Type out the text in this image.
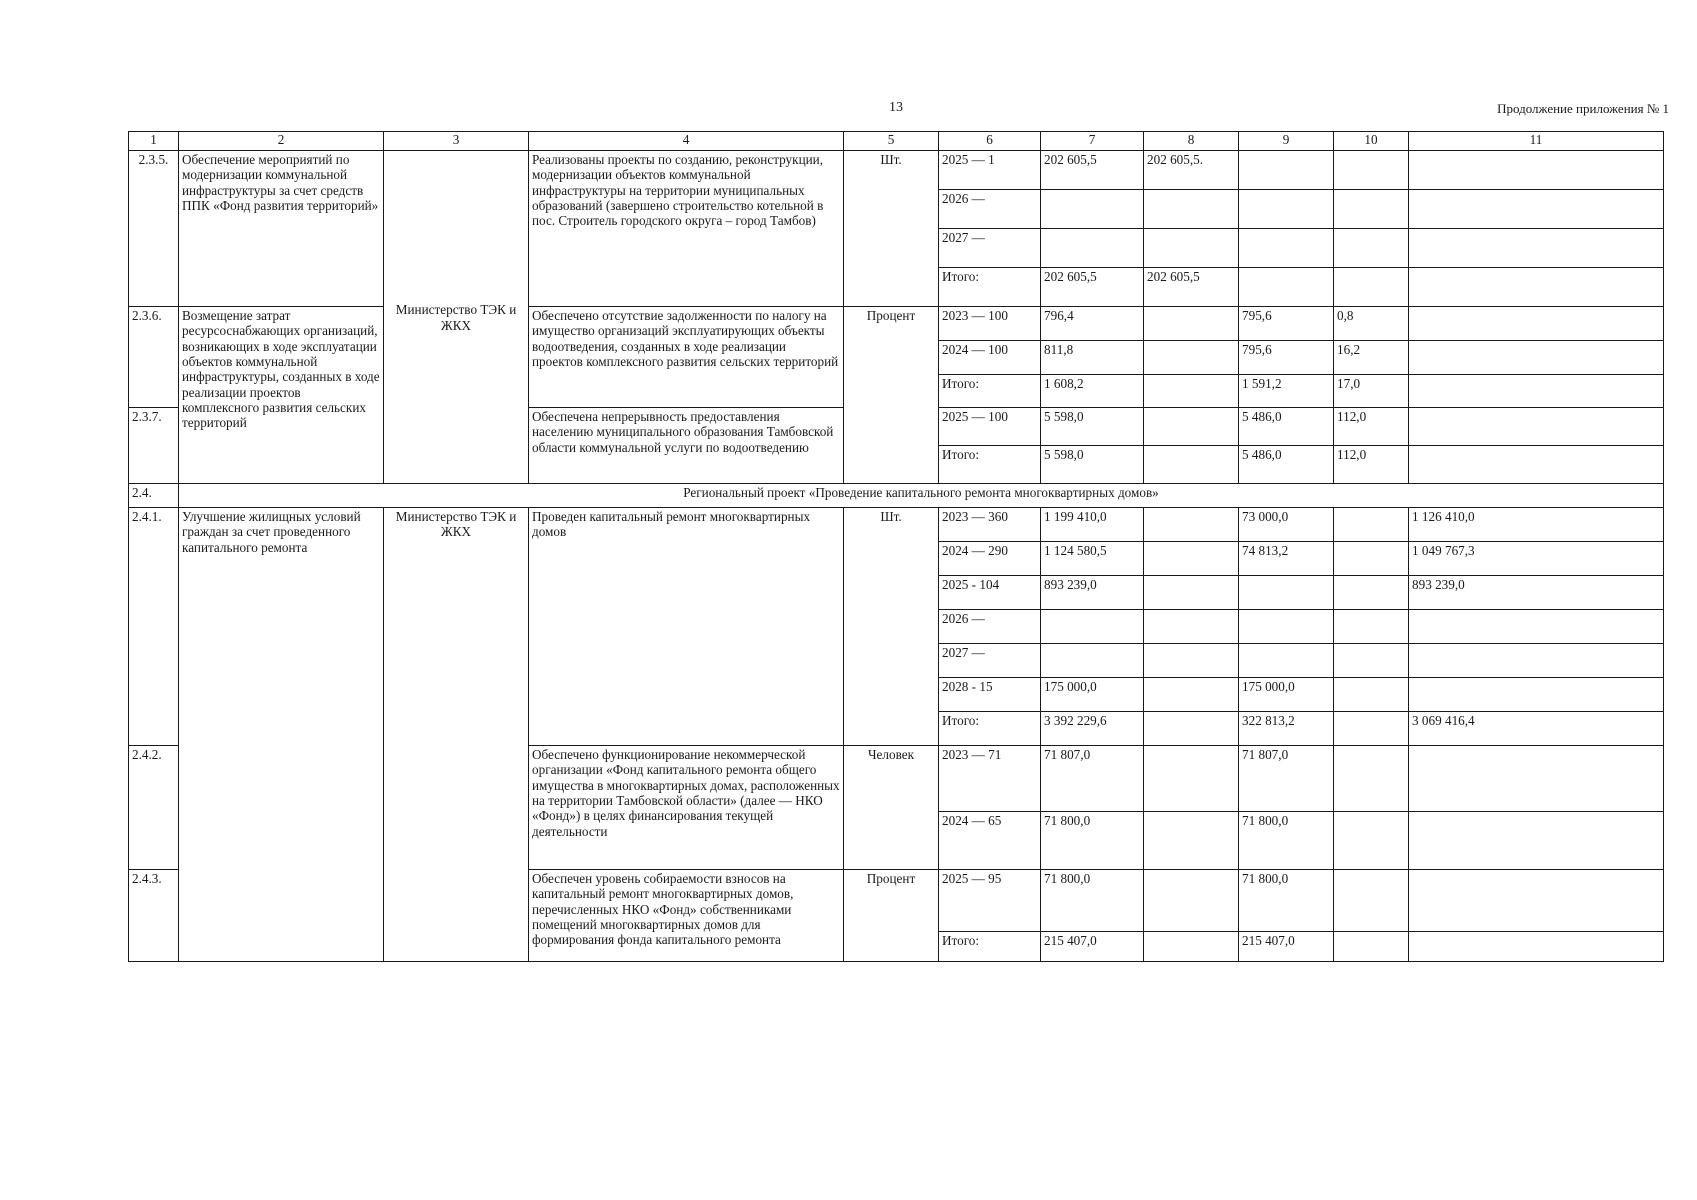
13	Продолжение приложения № 1
1	2	3	4	5	6	7	8	9	10	11
2.3.5.	Обеспечение мероприятий по модернизации коммунальной инфраструктуры за счет средств ППК «Фонд развития территорий»	Министерство ТЭК и ЖКХ	Реализованы проекты по созданию, реконструкции, модернизации объектов коммунальной инфраструктуры на территории муниципальных образований (завершено строительство котельной в пос. Строитель городского округа – город Тамбов)	Шт.	2025 — 1	202 605,5	202 605,5.			
					2026 —					
					2027 —					
					Итого:	202 605,5	202 605,5			
2.3.6.	Возмещение затрат ресурсоснабжающих организаций, возникающих в ходе эксплуатации объектов коммунальной инфраструктуры, созданных в ходе реализации проектов комплексного развития сельских территорий		Обеспечено отсутствие задолженности по налогу на имущество организаций эксплуатирующих объекты водоотведения, созданных в ходе реализации проектов комплексного развития сельских территорий	Процент	2023 — 100	796,4		795,6	0,8	
					2024 — 100	811,8		795,6	16,2	
					Итого:	1 608,2		1 591,2	17,0	
2.3.7.			Обеспечена непрерывность предоставления населению муниципального образования Тамбовской области коммунальной услуги по водоотведению		2025 — 100	5 598,0		5 486,0	112,0	
					Итого:	5 598,0		5 486,0	112,0	
2.4.	Региональный проект «Проведение капитального ремонта многоквартирных домов»									
2.4.1.	Улучшение жилищных условий граждан за счет проведенного капитального ремонта	Министерство ТЭК и ЖКХ	Проведен капитальный ремонт многоквартирных домов	Шт.	2023 — 360	1 199 410,0		73 000,0		1 126 410,0
					2024 — 290	1 124 580,5		74 813,2		1 049 767,3
					2025 - 104	893 239,0				893 239,0
					2026 —					
					2027 —					
					2028 - 15	175 000,0		175 000,0		
					Итого:	3 392 229,6		322 813,2		3 069 416,4
2.4.2.			Обеспечено функционирование некоммерческой организации «Фонд капитального ремонта общего имущества в многоквартирных домах, расположенных на территории Тамбовской области» (далее — НКО «Фонд») в целях финансирования текущей деятельности	Человек	2023 — 71	71 807,0		71 807,0		
					2024 — 65	71 800,0		71 800,0		
2.4.3.			Обеспечен уровень собираемости взносов на капитальный ремонт многоквартирных домов, перечисленных НКО «Фонд» собственниками помещений многоквартирных домов для формирования фонда капитального ремонта	Процент	2025 — 95	71 800,0		71 800,0		
					Итого:	215 407,0		215 407,0		
